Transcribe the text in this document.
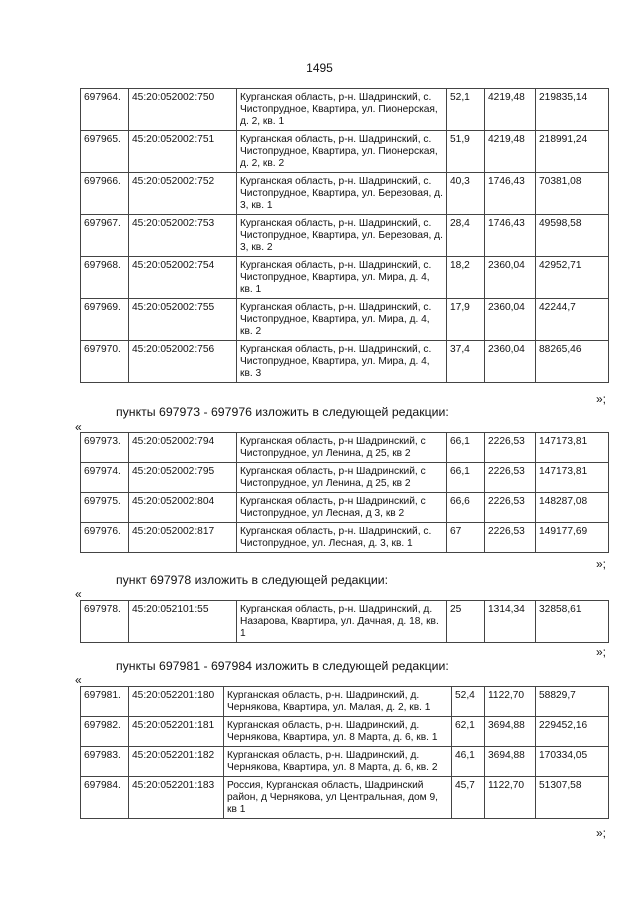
1495
697964.	45:20:052002:750	Курганская область, р-н. Шадринский, с. Чистопрудное, Квартира, ул. Пионерская, д. 2, кв. 1	52,1	4219,48	219835,14
697965.	45:20:052002:751	Курганская область, р-н. Шадринский, с. Чистопрудное, Квартира, ул. Пионерская, д. 2, кв. 2	51,9	4219,48	218991,24
697966.	45:20:052002:752	Курганская область, р-н. Шадринский, с. Чистопрудное, Квартира, ул. Березовая, д. 3, кв. 1	40,3	1746,43	70381,08
697967.	45:20:052002:753	Курганская область, р-н. Шадринский, с. Чистопрудное, Квартира, ул. Березовая, д. 3, кв. 2	28,4	1746,43	49598,58
697968.	45:20:052002:754	Курганская область, р-н. Шадринский, с. Чистопрудное, Квартира, ул. Мира, д. 4, кв. 1	18,2	2360,04	42952,71
697969.	45:20:052002:755	Курганская область, р-н. Шадринский, с. Чистопрудное, Квартира, ул. Мира, д. 4, кв. 2	17,9	2360,04	42244,7
697970.	45:20:052002:756	Курганская область, р-н. Шадринский, с. Чистопрудное, Квартира, ул. Мира, д. 4, кв. 3	37,4	2360,04	88265,46
»;
пункты 697973 - 697976 изложить в следующей редакции:
«
697973.	45:20:052002:794	Курганская область, р-н Шадринский, с Чистопрудное, ул Ленина, д 25, кв 2	66,1	2226,53	147173,81
697974.	45:20:052002:795	Курганская область, р-н Шадринский, с Чистопрудное, ул Ленина, д 25, кв 2	66,1	2226,53	147173,81
697975.	45:20:052002:804	Курганская область, р-н Шадринский, с Чистопрудное, ул Лесная, д 3, кв 2	66,6	2226,53	148287,08
697976.	45:20:052002:817	Курганская область, р-н. Шадринский, с. Чистопрудное, ул. Лесная, д. 3, кв. 1	67	2226,53	149177,69
»;
пункт 697978 изложить в следующей редакции:
«
697978.	45:20:052101:55	Курганская область, р-н. Шадринский, д. Назарова, Квартира, ул. Дачная, д. 18, кв. 1	25	1314,34	32858,61
»;
пункты 697981 - 697984 изложить в следующей редакции:
«
697981.	45:20:052201:180	Курганская область, р-н. Шадринский, д. Чернякова, Квартира, ул. Малая, д. 2, кв. 1	52,4	1122,70	58829,7
697982.	45:20:052201:181	Курганская область, р-н. Шадринский, д. Чернякова, Квартира, ул. 8 Марта, д. 6, кв. 1	62,1	3694,88	229452,16
697983.	45:20:052201:182	Курганская область, р-н. Шадринский, д. Чернякова, Квартира, ул. 8 Марта, д. 6, кв. 2	46,1	3694,88	170334,05
697984.	45:20:052201:183	Россия, Курганская область, Шадринский район, д Чернякова, ул Центральная, дом 9, кв 1	45,7	1122,70	51307,58
»;
